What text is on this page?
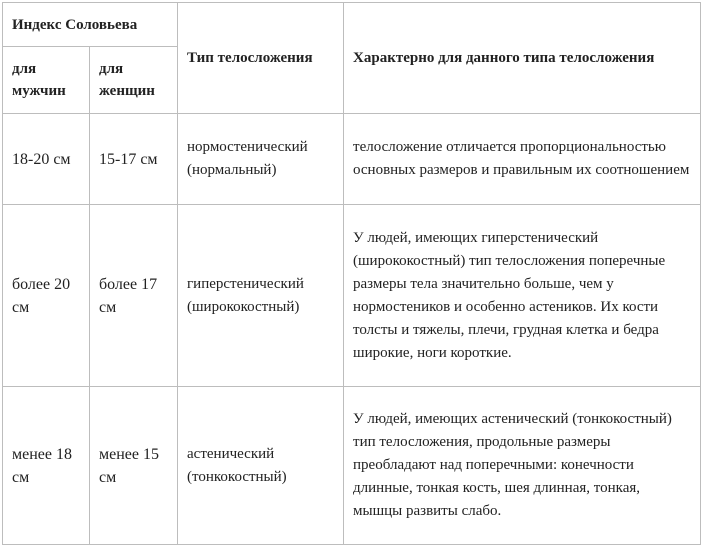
Индекс Соловьева		Тип телосложения	Характерно для данного типа телосложения
для мужчин	для женщин		
18-20 см	15-17 см	нормостенический (нормальный)	телосложение отличается пропорциональностью основных размеров и правильным их соотношением
более 20 см	более 17 см	гиперстенический (ширококостный)	У людей, имеющих гиперстенический (ширококостный) тип телосложения поперечные размеры тела значительно больше, чем у нормостеников и особенно астеников. Их кости толсты и тяжелы, плечи, грудная клетка и бедра широкие, ноги короткие.
менее 18 см	менее 15 см	астенический (тонкокостный)	У людей, имеющих астенический (тонкокостный) тип телосложения, продольные размеры преобладают над поперечными: конечности длинные, тонкая кость, шея длинная, тонкая, мышцы развиты слабо.
